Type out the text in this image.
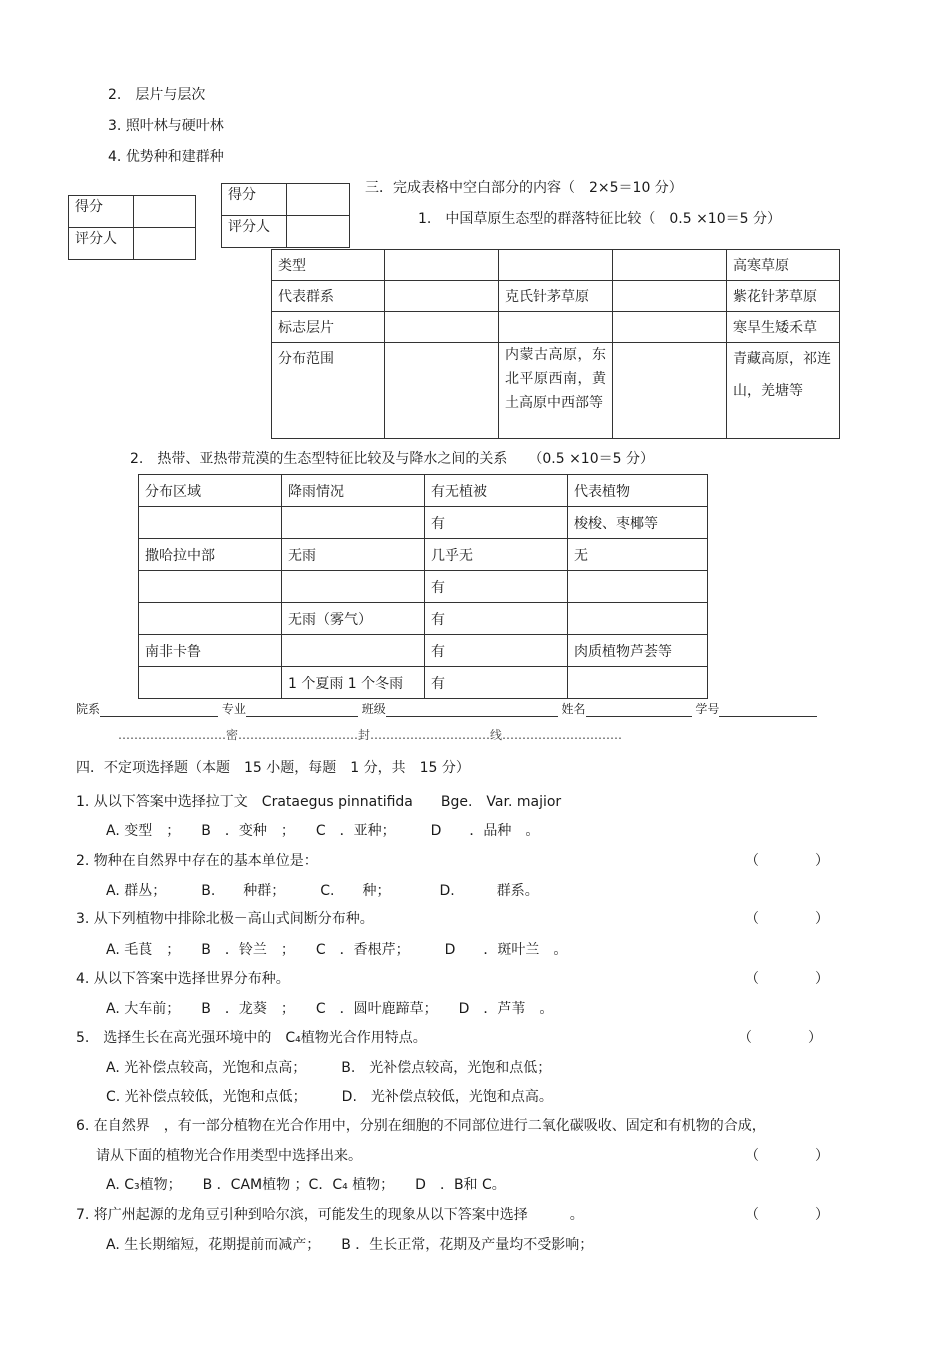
2.　 层片与层次
3. 照叶林与硬叶林
4. 优势种和建群种
得分	
评分人	
得分	
评分人	
三．完成表格中空白部分的内容（　2×5＝10 分）
1.　中国草原生态型的群落特征比较（　0.5 ×10＝5 分）
类型				高寒草原
代表群系		克氏针茅草原		紫花针茅草原
标志层片				寒旱生矮禾草
分布范围		内蒙古高原，东北平原西南，黄土高原中西部等		青藏高原，祁连山，羌塘等
2.　热带、亚热带荒漠的生态型特征比较及与降水之间的关系　　（0.5 ×10＝5 分）
分布区域	降雨情况	有无植被	代表植物
		有	梭梭、枣椰等
撒哈拉中部	无雨	几乎无	无
		有	
	无雨（雾气）	有	
南非卡鲁		有	肉质植物芦荟等
	1 个夏雨 1 个冬雨	有	
院系	专业	班级	姓名	学号
………………………密…………………………封…………………………线…………………………
四．不定项选择题（本题　15 小题，每题　1 分，共　15 分）
1. 从以下答案中选择拉丁文　Crataegus pinnatifida　　Bge.　Var. majior
A. 变型　；　　B　．变种　；　　C　．亚种；　　　D　　．品种　。
2. 物种在自然界中存在的基本单位是：	（　　　　）
A. 群丛；　　　B.　　种群；　　　C.　　种；　　　　D.　　　群系。
3. 从下列植物中排除北极－高山式间断分布种。	（　　　　）
A. 毛茛　；　　B　．铃兰　；　　C　．香根芹；　　　D　　．斑叶兰　。
4. 从以下答案中选择世界分布种。	（　　　　）
A. 大车前；　　B　．龙葵　；　　C　．圆叶鹿蹄草；　　D　．芦苇　。
5.　选择生长在高光强环境中的　C₄植物光合作用特点。	（　　　　）
A. 光补偿点较高，光饱和点高；　　　B.　光补偿点较高，光饱和点低；
C. 光补偿点较低，光饱和点低；　　　D.　光补偿点较低，光饱和点高。
6. 在自然界　，有一部分植物在光合作用中，分别在细胞的不同部位进行二氧化碳吸收、固定和有机物的合成，
请从下面的植物光合作用类型中选择出来。	（　　　　）
A. C₃植物；　　B ．CAM植物 ；C．C₄ 植物；　　D　．B和 C。
7. 将广州起源的龙角豆引种到哈尔滨，可能发生的现象从以下答案中选择　　　。	（　　　　）
A. 生长期缩短，花期提前而减产；　　B ．生长正常，花期及产量均不受影响；
